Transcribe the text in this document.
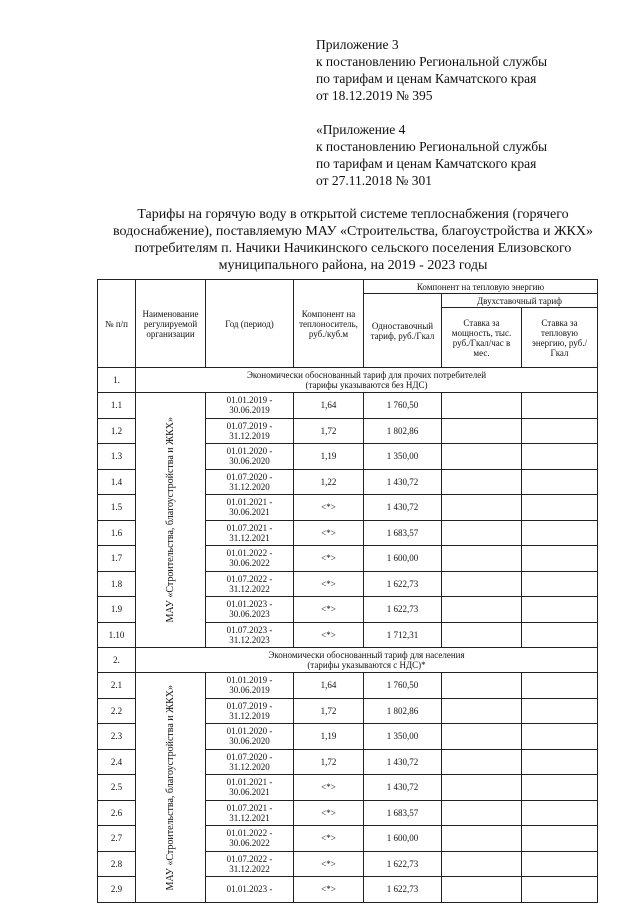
Приложение 3
к постановлению Региональной службы
по тарифам и ценам Камчатского края
от 18.12.2019 № 395
«Приложение 4
к постановлению Региональной службы
по тарифам и ценам Камчатского края
от 27.11.2018 № 301
Тарифы на горячую воду в открытой системе теплоснабжения (горячего водоснабжение), поставляемую МАУ «Строительства, благоустройства и ЖКХ» потребителям п. Начики Начикинского сельского поселения Елизовского муниципального района, на 2019 - 2023 годы
№ п/п	Наименование регулируемой организации	Год (период)	Компонент на теплоноситель, руб./куб.м	Компонент на тепловую энергию		
				Одноставочный тариф, руб./Гкал	Двухставочный тариф	
					Ставка за мощность, тыс. руб./Гкал/час в мес.	Ставка за тепловую энергию, руб./Гкал
1.	Экономически обоснованный тариф для прочих потребителей
(тарифы указываются без НДС)					

1.1	МАУ «Строительства, благоустройства и ЖКХ»	01.01.2019 -
30.06.2019	1,64	1 760,50		
1.2		01.07.2019 -
31.12.2019	1,72	1 802,86		
1.3		01.01.2020 -
30.06.2020	1,19	1 350,00		
1.4		01.07.2020 -
31.12.2020	1,22	1 430,72		
1.5		01.01.2021 -
30.06.2021	<*>	1 430,72		
1.6		01.07.2021 -
31.12.2021	<*>	1 683,57		
1.7		01.01.2022 -
30.06.2022	<*>	1 600,00		
1.8		01.07.2022 -
31.12.2022	<*>	1 622,73		
1.9		01.01.2023 -
30.06.2023	<*>	1 622,73		
1.10		01.07.2023 -
31.12.2023	<*>	1 712,31		
2.	Экономически обоснованный тариф для населения
(тарифы указываются с НДС)*					

2.1	МАУ «Строительства, благоустройства и ЖКХ»	01.01.2019 -
30.06.2019	1,64	1 760,50		
2.2		01.07.2019 -
31.12.2019	1,72	1 802,86		
2.3		01.01.2020 -
30.06.2020	1,19	1 350,00		
2.4		01.07.2020 -
31.12.2020	1,72	1 430,72		
2.5		01.01.2021 -
30.06.2021	<*>	1 430,72		
2.6		01.07.2021 -
31.12.2021	<*>	1 683,57		
2.7		01.01.2022 -
30.06.2022	<*>	1 600,00		
2.8		01.07.2022 -
31.12.2022	<*>	1 622,73		
2.9		01.01.2023 -	<*>	1 622,73		
